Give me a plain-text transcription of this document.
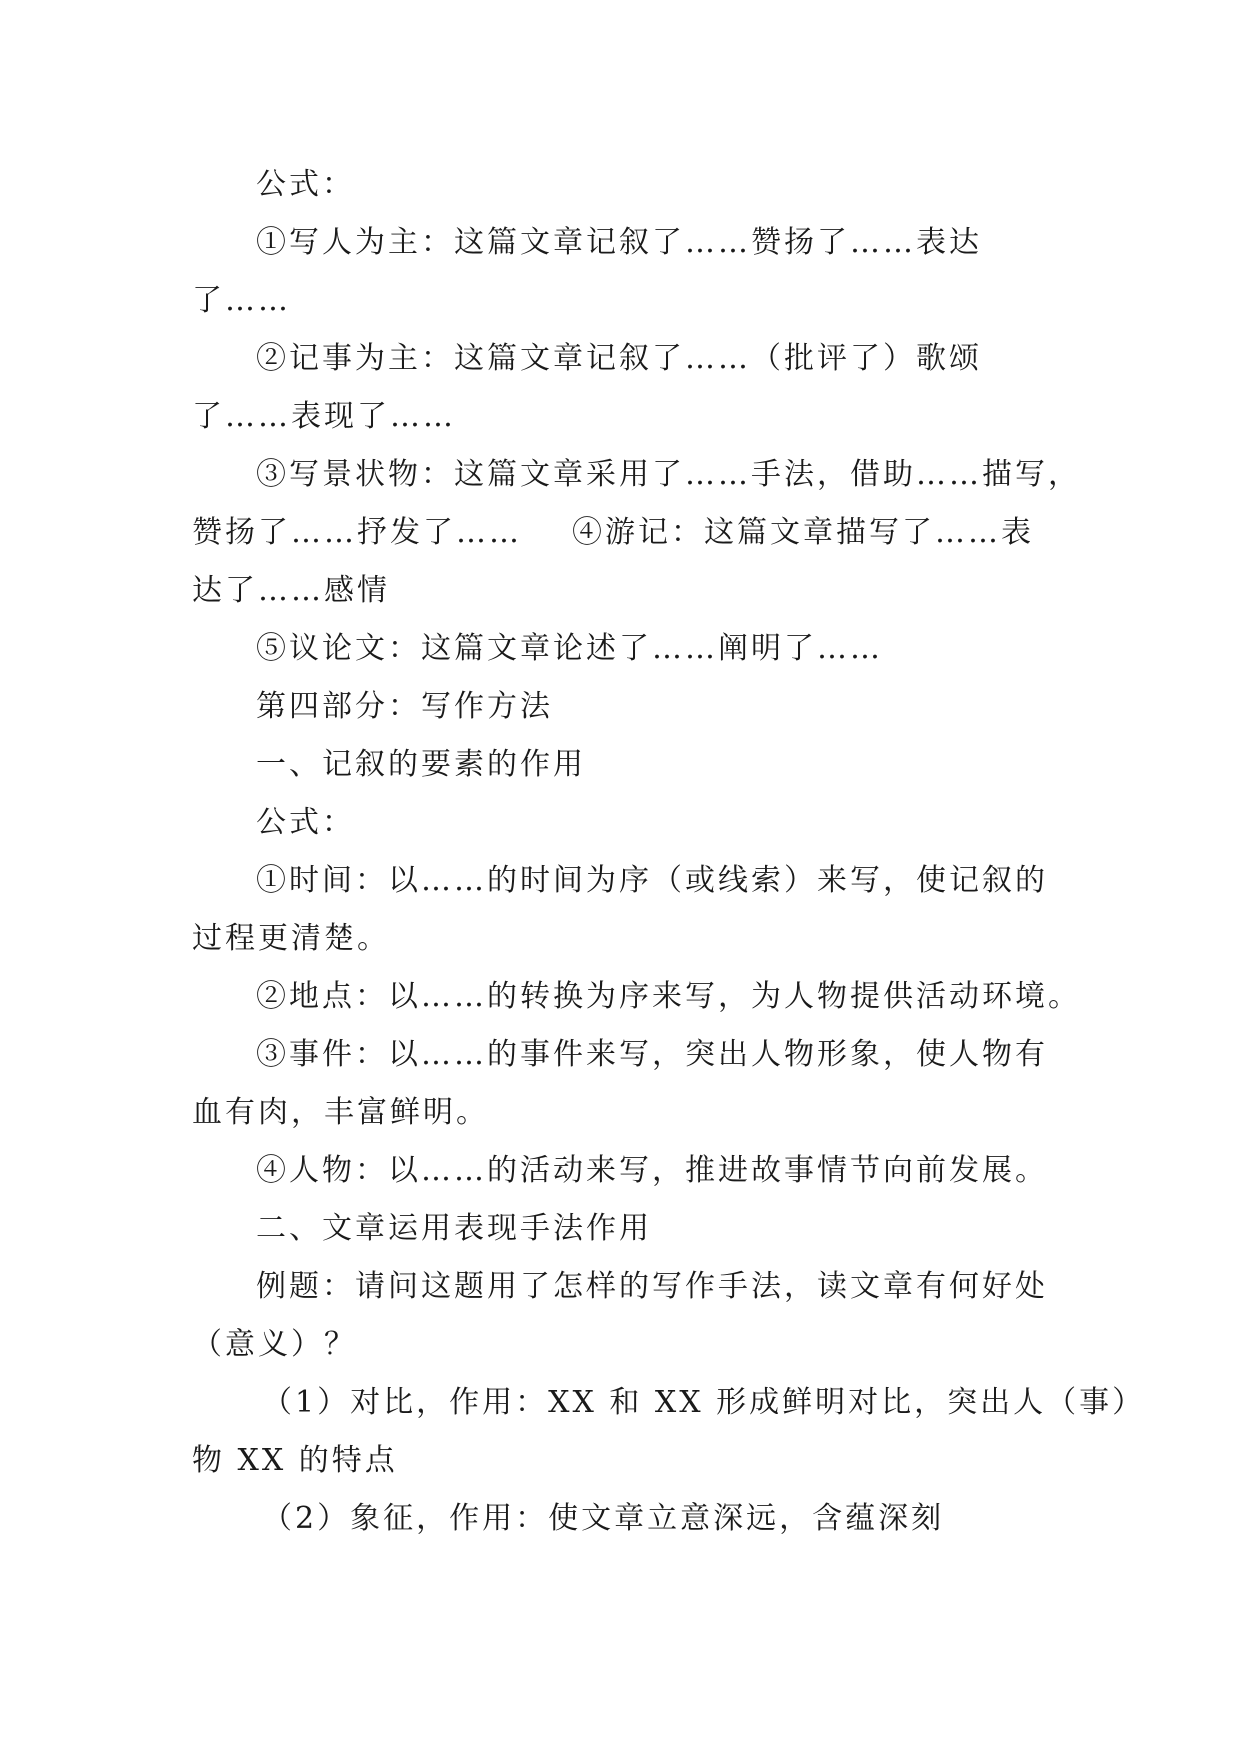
公式：
①写人为主：这篇文章记叙了……赞扬了……表达
了……
②记事为主：这篇文章记叙了……（批评了）歌颂
了……表现了……
③写景状物：这篇文章采用了……手法，借助……描写，
赞扬了……抒发了…… ④游记：这篇文章描写了……表
达了……感情
⑤议论文：这篇文章论述了……阐明了……
第四部分：写作方法
一、记叙的要素的作用
公式：
①时间：以……的时间为序（或线索）来写，使记叙的
过程更清楚。
②地点：以……的转换为序来写，为人物提供活动环境。
③事件：以……的事件来写，突出人物形象，使人物有
血有肉，丰富鲜明。
④人物：以……的活动来写，推进故事情节向前发展。
二、文章运用表现手法作用
例题：请问这题用了怎样的写作手法，读文章有何好处
（意义）？
（1）对比，作用：XX 和 XX 形成鲜明对比，突出人（事）
物 XX 的特点
（2）象征，作用：使文章立意深远，含蕴深刻
